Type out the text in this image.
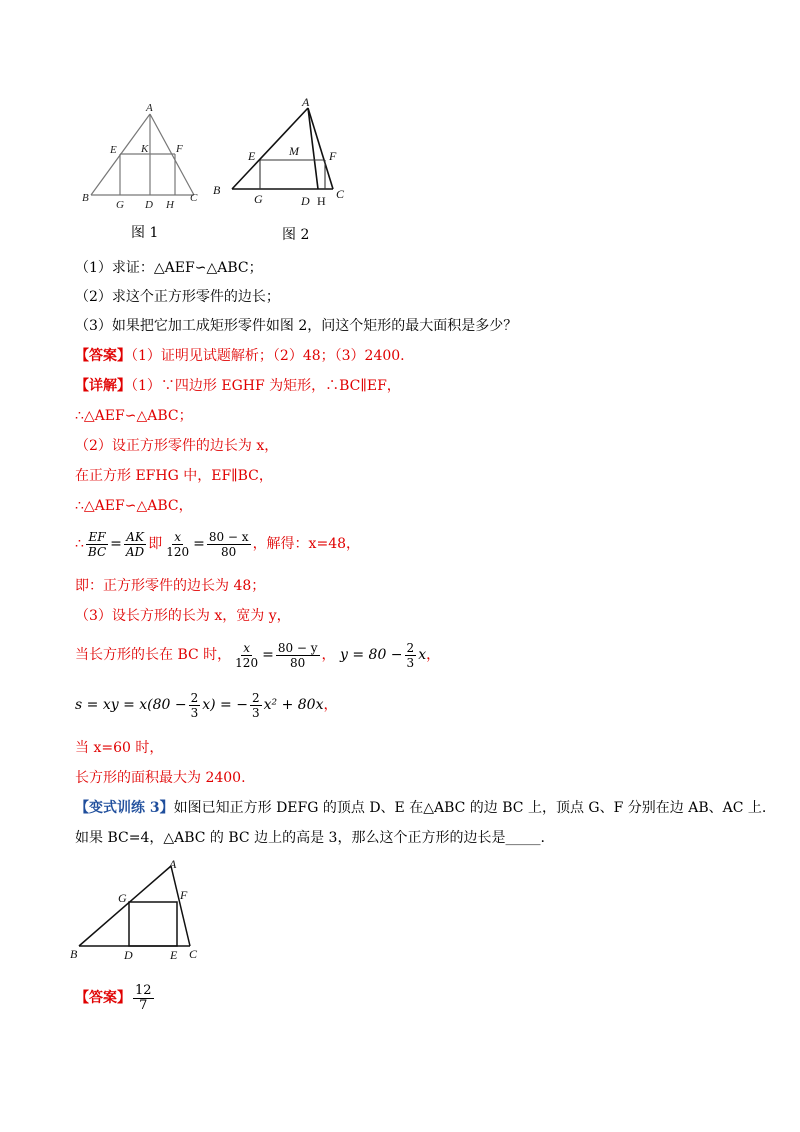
A
E K	F
B
G D H
C
图 1
A
E	M	F
B
G	D H C
图 2
（1）求证：△AEF∽△ABC；
（2）求这个正方形零件的边长；
（3）如果把它加工成矩形零件如图 2，问这个矩形的最大面积是多少？
【答案】（1）证明见试题解析；（2）48；（3）2400.
【详解】（1）∵四边形 EGHF 为矩形，∴BC∥EF，
∴△AEF∽△ABC；
（2）设正方形零件的边长为 x，
在正方形 EFHG 中，EF∥BC，
∴△AEF∽△ABC，
∴ $\frac{EF}{BC} = \frac{AK}{AD}$ 即 $\frac{x}{120} = \frac{80 - x}{80}$ ，解得：x=48，
即：正方形零件的边长为 48；
（3）设长方形的长为 x，宽为 y，
当长方形的长在 BC 时， $\frac{x}{120} = \frac{80 - y}{80}$ ， $y = 80 - \frac{2}{3}$ x，
s = xy = $x(80 - \frac{2}{3} x)$ = − $\frac{2}{3} x^2 + 80x$，
当 x=60 时，
长方形的面积最大为 2400.
【变式训练 3】如图已知正方形 DEFG 的顶点 D、E 在△ABC 的边 BC 上，顶点 G、F 分别在边 AB、AC 上.
如果 BC=4，△ABC 的 BC 边上的高是 3，那么这个正方形的边长是_____.
A
G	F
B	D	E C
【答案】 $\frac{12}{7}$
